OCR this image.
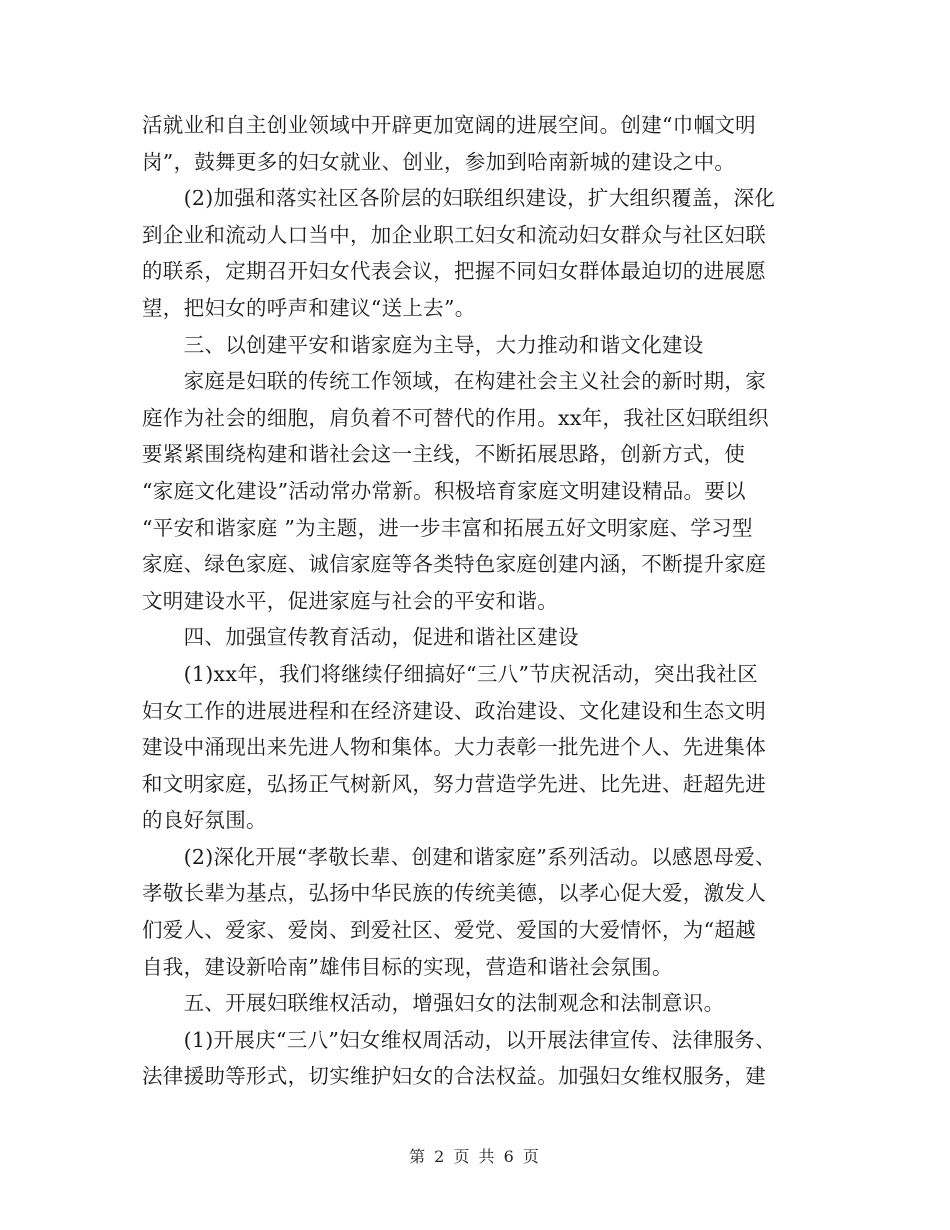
活就业和自主创业领域中开辟更加宽阔的进展空间。创建“巾帼文明
岗”，鼓舞更多的妇女就业、创业，参加到哈南新城的建设之中。
　　(2)加强和落实社区各阶层的妇联组织建设，扩大组织覆盖，深化
到企业和流动人口当中，加企业职工妇女和流动妇女群众与社区妇联
的联系，定期召开妇女代表会议，把握不同妇女群体最迫切的进展愿
望，把妇女的呼声和建议“送上去”。
　　三、以创建平安和谐家庭为主导，大力推动和谐文化建设
　　家庭是妇联的传统工作领域，在构建社会主义社会的新时期，家
庭作为社会的细胞，肩负着不可替代的作用。xx年，我社区妇联组织
要紧紧围绕构建和谐社会这一主线，不断拓展思路，创新方式，使
“家庭文化建设”活动常办常新。积极培育家庭文明建设精品。要以
“平安和谐家庭 ”为主题，进一步丰富和拓展五好文明家庭、学习型
家庭、绿色家庭、诚信家庭等各类特色家庭创建内涵，不断提升家庭
文明建设水平，促进家庭与社会的平安和谐。
　　四、加强宣传教育活动，促进和谐社区建设
　　(1)xx年，我们将继续仔细搞好“三八”节庆祝活动，突出我社区
妇女工作的进展进程和在经济建设、政治建设、文化建设和生态文明
建设中涌现出来先进人物和集体。大力表彰一批先进个人、先进集体
和文明家庭，弘扬正气树新风，努力营造学先进、比先进、赶超先进
的良好氛围。
　　(2)深化开展“孝敬长辈、创建和谐家庭”系列活动。以感恩母爱、
孝敬长辈为基点，弘扬中华民族的传统美德，以孝心促大爱，激发人
们爱人、爱家、爱岗、到爱社区、爱党、爱国的大爱情怀，为“超越
自我，建设新哈南”雄伟目标的实现，营造和谐社会氛围。
　　五、开展妇联维权活动，增强妇女的法制观念和法制意识。
　　(1)开展庆“三八”妇女维权周活动，以开展法律宣传、法律服务、
法律援助等形式，切实维护妇女的合法权益。加强妇女维权服务，建
第 2 页 共 6 页
